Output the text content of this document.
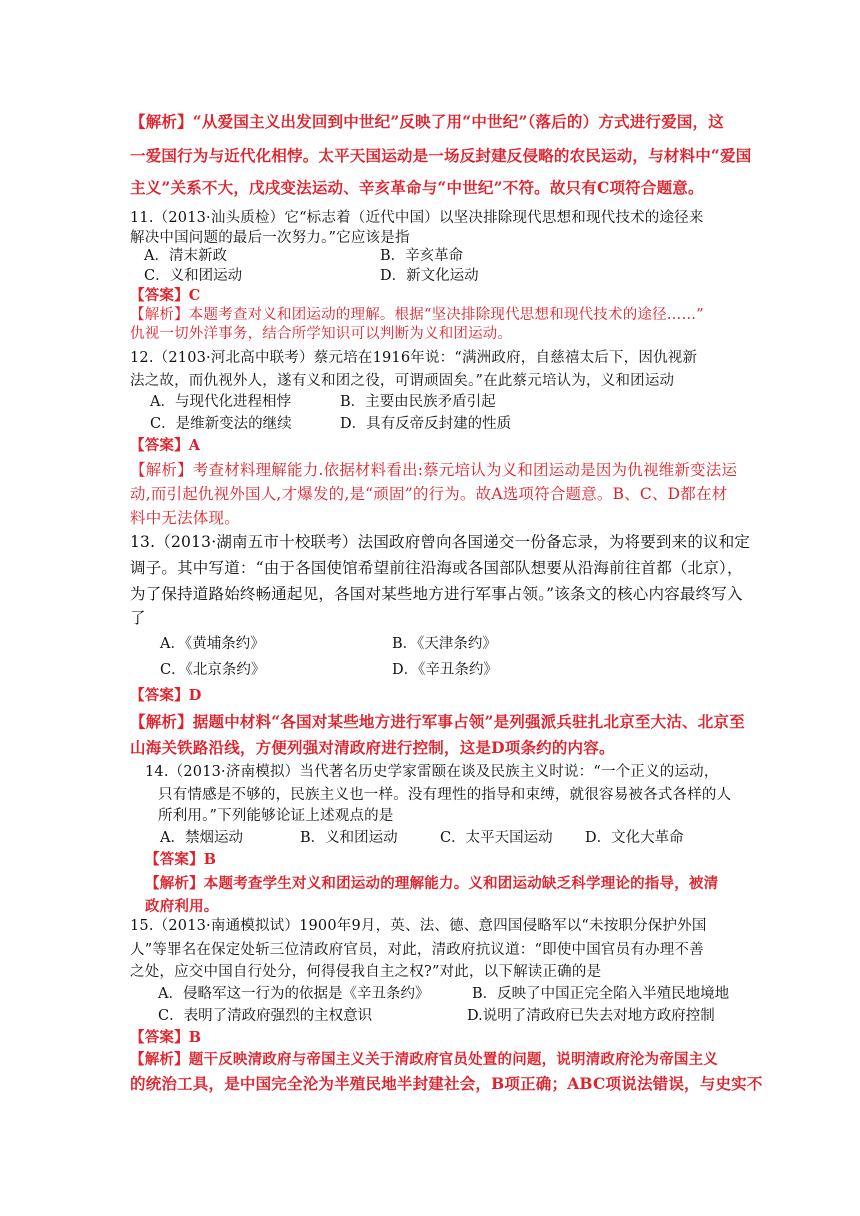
【解析】“从爱国主义出发回到中世纪”反映了用“中世纪”（落后的）方式进行爱国，这
一爱国行为与近代化相悖。太平天国运动是一场反封建反侵略的农民运动，与材料中“爱国
主义”关系不大，戊戌变法运动、辛亥革命与“中世纪”不符。故只有C项符合题意。
11.（2013·汕头质检）它“标志着（近代中国）以坚决排除现代思想和现代技术的途径来
解决中国问题的最后一次努力。”它应该是指
A．清末新政	B．辛亥革命
C．义和团运动	D．新文化运动
【答案】C
【解析】本题考查对义和团运动的理解。根据“坚决排除现代思想和现代技术的途径……”
仇视一切外洋事务，结合所学知识可以判断为义和团运动。
12.（2103·河北高中联考）蔡元培在1916年说：“满洲政府，自慈禧太后下，因仇视新
法之故，而仇视外人，遂有义和团之役，可谓顽固矣。”在此蔡元培认为，义和团运动
A．与现代化进程相悖	B．主要由民族矛盾引起
C．是维新变法的继续	D．具有反帝反封建的性质
【答案】A
【解析】考查材料理解能力.依据材料看出:蔡元培认为义和团运动是因为仇视维新变法运
动,而引起仇视外国人,才爆发的,是“顽固”的行为。故A选项符合题意。B、C、D都在材
料中无法体现。
13.（2013·湖南五市十校联考）法国政府曾向各国递交一份备忘录，为将要到来的议和定
调子。其中写道：“由于各国使馆希望前往沿海或各国部队想要从沿海前往首都（北京），
为了保持道路始终畅通起见，各国对某些地方进行军事占领。”该条文的核心内容最终写入
了
A．《黄埔条约》	B．《天津条约》
C．《北京条约》	D．《辛丑条约》
【答案】D
【解析】据题中材料“各国对某些地方进行军事占领”是列强派兵驻扎北京至大沽、北京至
山海关铁路沿线，方便列强对清政府进行控制，这是D项条约的内容。
14.（2013·济南模拟）当代著名历史学家雷颐在谈及民族主义时说：“一个正义的运动，
只有情感是不够的，民族主义也一样。没有理性的指导和束缚，就很容易被各式各样的人
所利用。”下列能够论证上述观点的是
A．禁烟运动	B．义和团运动	C．太平天国运动 D．文化大革命
【答案】B
【解析】本题考查学生对义和团运动的理解能力。义和团运动缺乏科学理论的指导，被清
政府利用。
15.（2013·南通模拟试）1900年9月，英、法、德、意四国侵略军以“未按职分保护外国
人”等罪名在保定处斩三位清政府官员，对此，清政府抗议道：“即使中国官员有办理不善
之处，应交中国自行处分，何得侵我自主之权?”对此，以下解读正确的是
A．侵略军这一行为的依据是《辛丑条约》	B．反映了中国正完全陷入半殖民地境地
C．表明了清政府强烈的主权意识	D.说明了清政府已失去对地方政府控制
【答案】B
【解析】题干反映清政府与帝国主义关于清政府官员处置的问题，说明清政府沦为帝国主义
的统治工具，是中国完全沦为半殖民地半封建社会，B项正确；ABC项说法错误，与史实不
